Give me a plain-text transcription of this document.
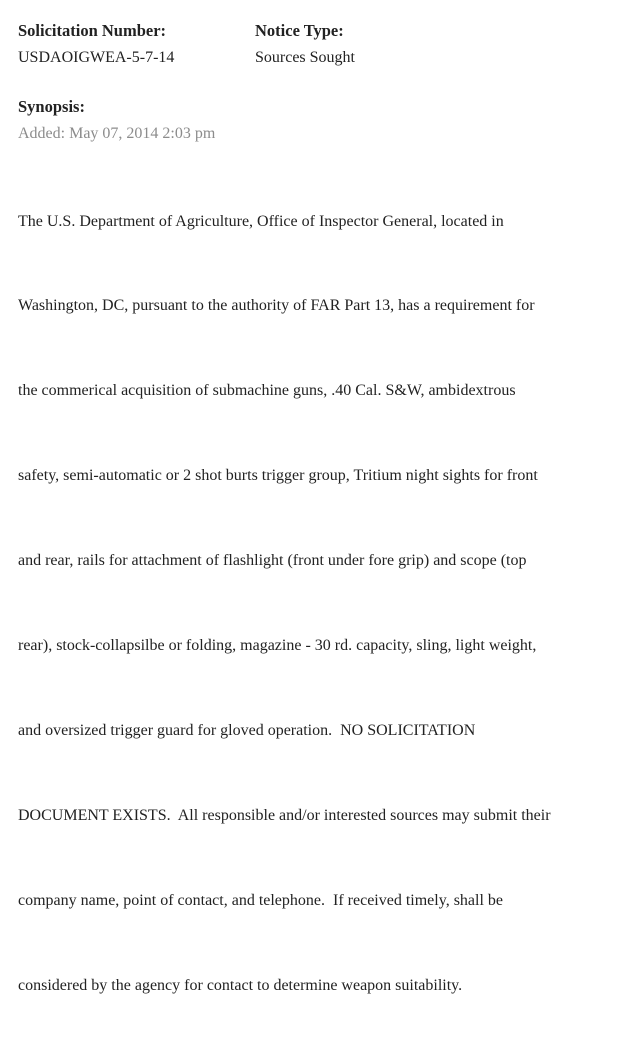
Solicitation Number:
USDAOIGWEA-5-7-14
Notice Type:
Sources Sought
Synopsis:
Added: May 07, 2014 2:03 pm

The U.S. Department of Agriculture, Office of Inspector General, located in

Washington, DC, pursuant to the authority of FAR Part 13, has a requirement for

the commerical acquisition of submachine guns, .40 Cal. S&W, ambidextrous

safety, semi-automatic or 2 shot burts trigger group, Tritium night sights for front

and rear, rails for attachment of flashlight (front under fore grip) and scope (top

rear), stock-collapsilbe or folding, magazine - 30 rd. capacity, sling, light weight,

and oversized trigger guard for gloved operation.  NO SOLICITATION

DOCUMENT EXISTS.  All responsible and/or interested sources may submit their

company name, point of contact, and telephone.  If received timely, shall be

considered by the agency for contact to determine weapon suitability.
